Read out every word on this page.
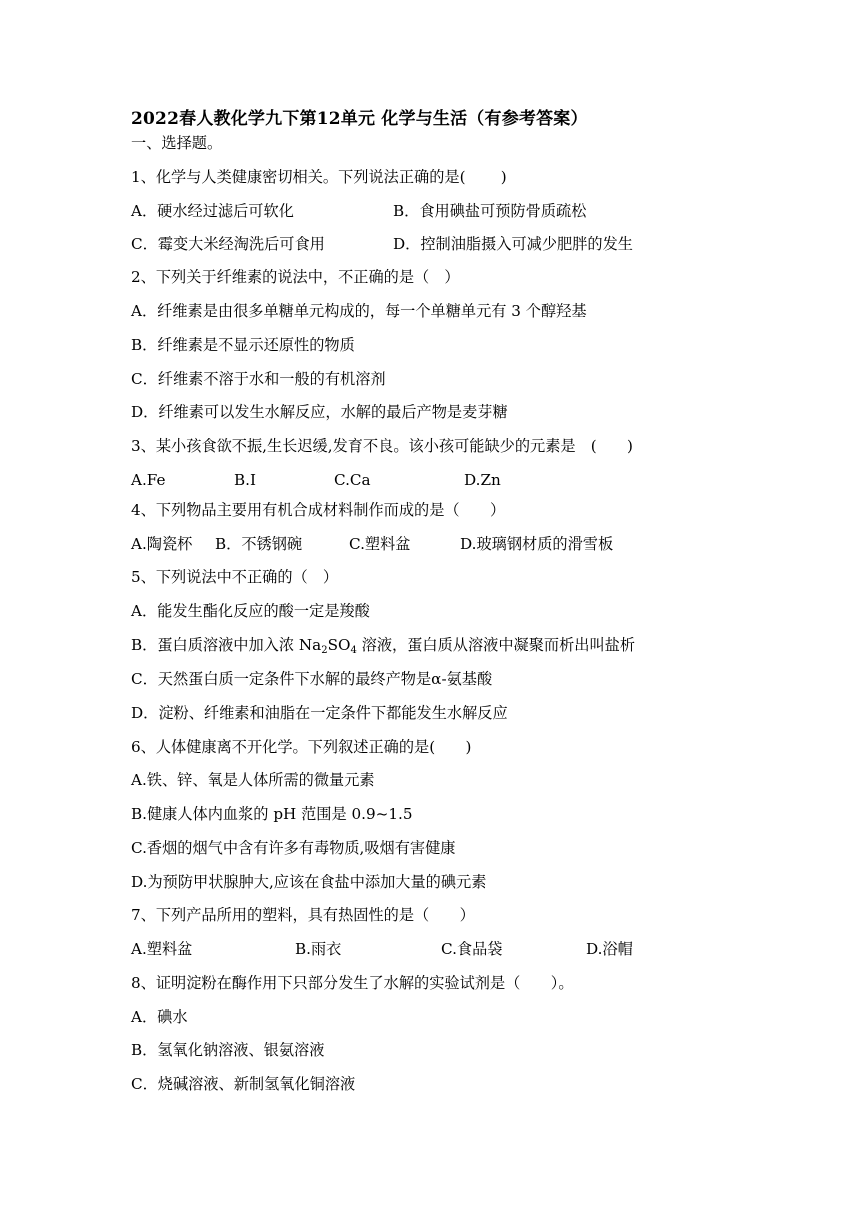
2022春人教化学九下第12单元 化学与生活（有参考答案）
一、选择题。
1、化学与人类健康密切相关。下列说法正确的是(　　 )
A．硬水经过滤后可软化	B．食用碘盐可预防骨质疏松
C．霉变大米经淘洗后可食用	D．控制油脂摄入可减少肥胖的发生
2、下列关于纤维素的说法中，不正确的是（　）
A．纤维素是由很多单糖单元构成的，每一个单糖单元有 3 个醇羟基
B．纤维素是不显示还原性的物质
C．纤维素不溶于水和一般的有机溶剂
D．纤维素可以发生水解反应，水解的最后产物是麦芽糖
3、某小孩食欲不振,生长迟缓,发育不良。该小孩可能缺少的元素是　(　　)
A.Fe	B.I	C.Ca	D.Zn
4、下列物品主要用有机合成材料制作而成的是（　　）
A.陶瓷杯 B．不锈钢碗	C.塑料盆	D.玻璃钢材质的滑雪板
5、下列说法中不正确的（　）
A．能发生酯化反应的酸一定是羧酸
B．蛋白质溶液中加入浓 $Na_2SO_4$ 溶液，蛋白质从溶液中凝聚而析出叫盐析
C．天然蛋白质一定条件下水解的最终产物是α-氨基酸
D．淀粉、纤维素和油脂在一定条件下都能发生水解反应
6、人体健康离不开化学。下列叙述正确的是(　　)
A.铁、锌、氧是人体所需的微量元素
B.健康人体内血浆的 pH 范围是 0.9~1.5
C.香烟的烟气中含有许多有毒物质,吸烟有害健康
D.为预防甲状腺肿大,应该在食盐中添加大量的碘元素
7、下列产品所用的塑料，具有热固性的是（　　）
A.塑料盆	B.雨衣	C.食品袋	D.浴帽
8、证明淀粉在酶作用下只部分发生了水解的实验试剂是（　　）。
A．碘水
B．氢氧化钠溶液、银氨溶液
C．烧碱溶液、新制氢氧化铜溶液
